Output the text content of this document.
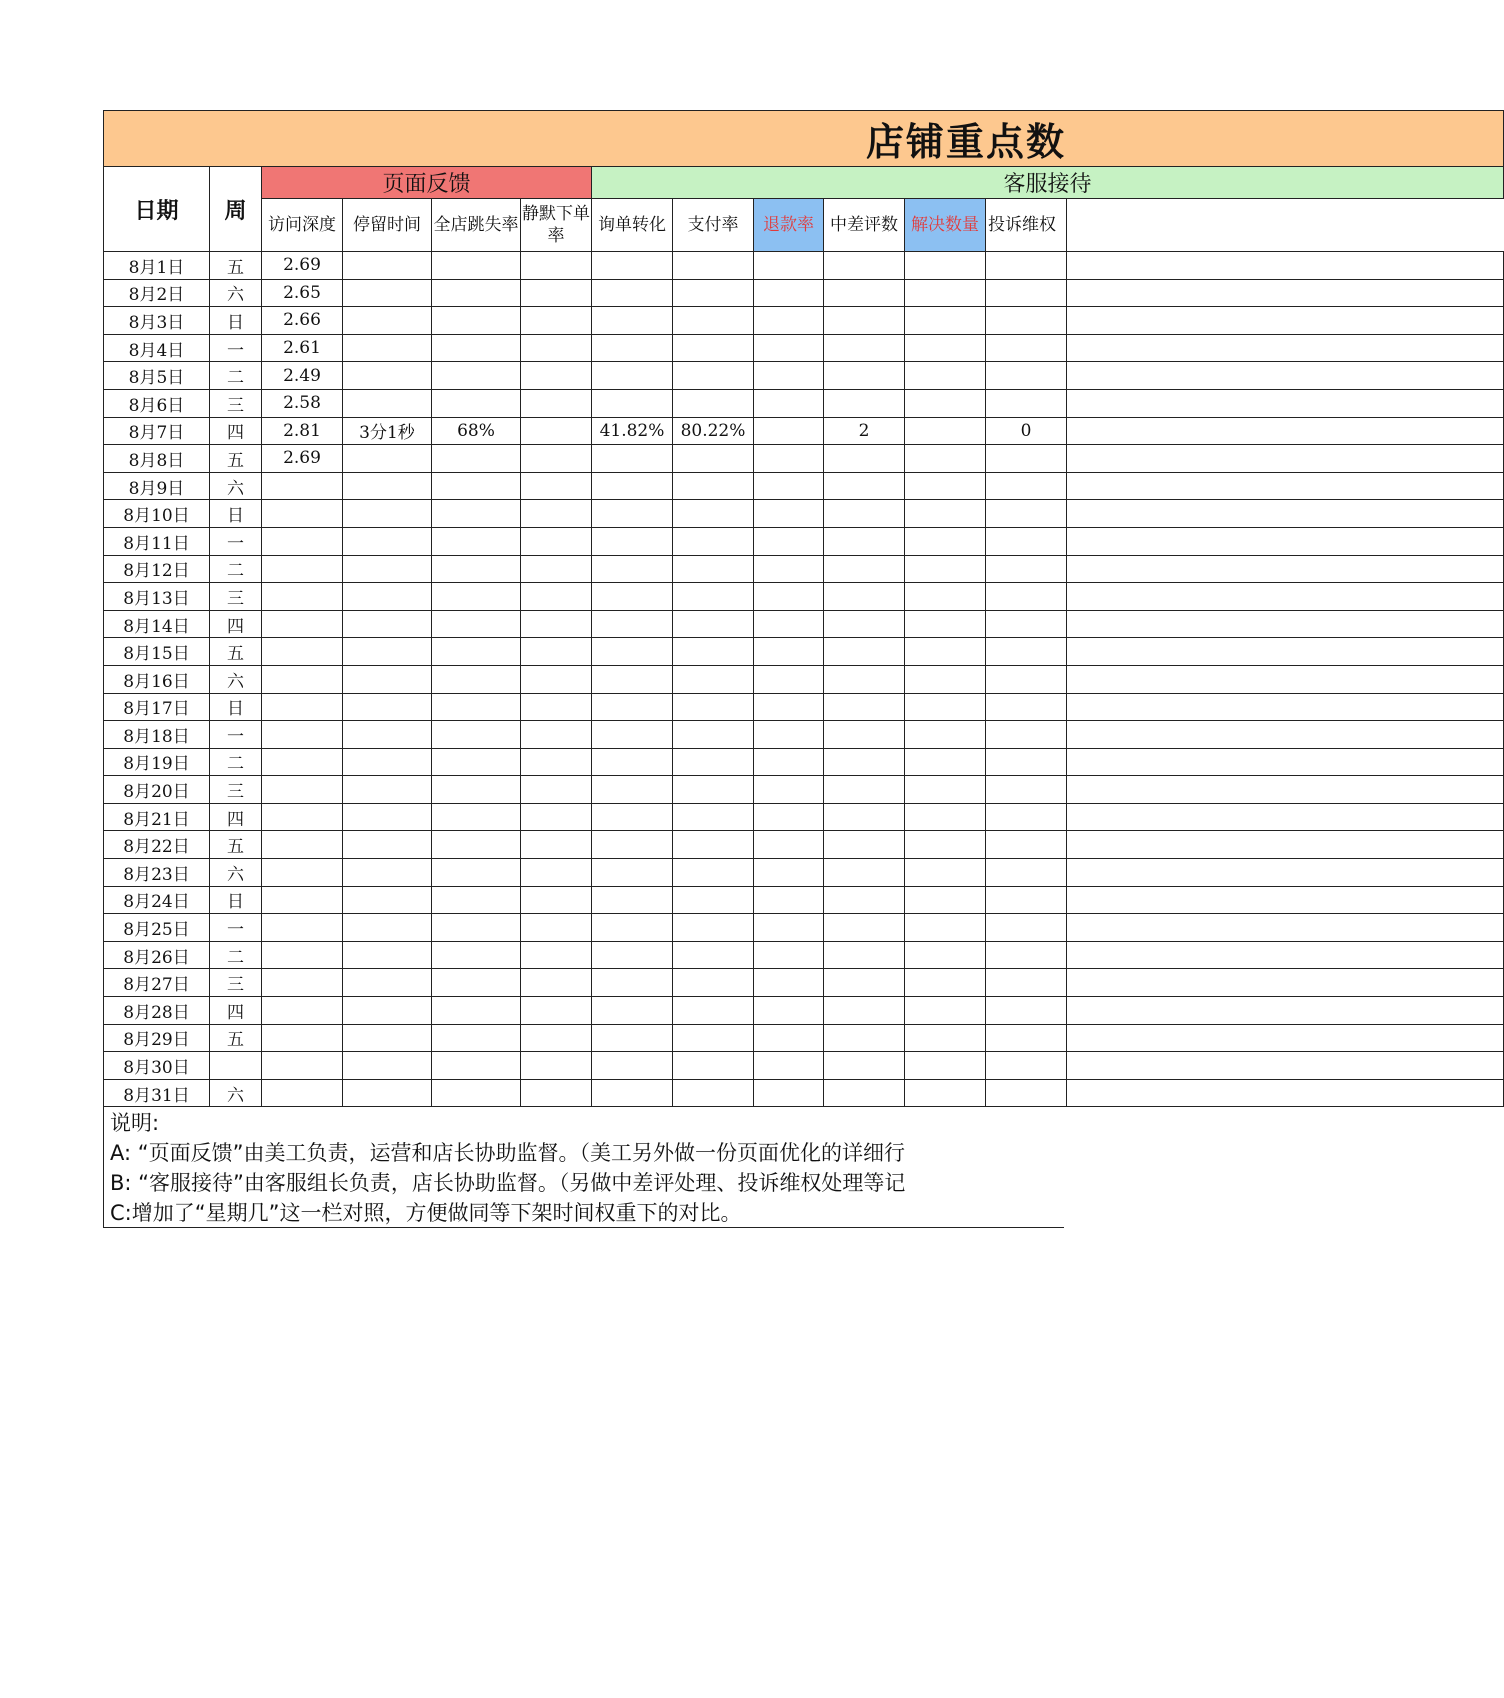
店铺重点数												
日期	周	页面反馈				客服接待						
		访问深度	停留时间	全店跳失率	静默下单率	询单转化	支付率	退款率	中差评数	解决数量	投诉维权
8月1日	五	2.69										
8月2日	六	2.65										
8月3日	日	2.66										
8月4日	一	2.61										
8月5日	二	2.49										
8月6日	三	2.58										
8月7日	四	2.81	3分1秒	68%		41.82%	80.22%		2		0	
8月8日	五	2.69										
8月9日	六											
8月10日	日											
8月11日	一											
8月12日	二											
8月13日	三											
8月14日	四											
8月15日	五											
8月16日	六											
8月17日	日											
8月18日	一											
8月19日	二											
8月20日	三											
8月21日	四											
8月22日	五											
8月23日	六											
8月24日	日											
8月25日	一											
8月26日	二											
8月27日	三											
8月28日	四											
8月29日	五											
8月30日												
8月31日	六											
说明:
A: “页面反馈”由美工负责，运营和店长协助监督。（美工另外做一份页面优化的详细行
B: “客服接待”由客服组长负责，店长协助监督。（另做中差评处理、投诉维权处理等记
C:增加了“星期几”这一栏对照，方便做同等下架时间权重下的对比。
